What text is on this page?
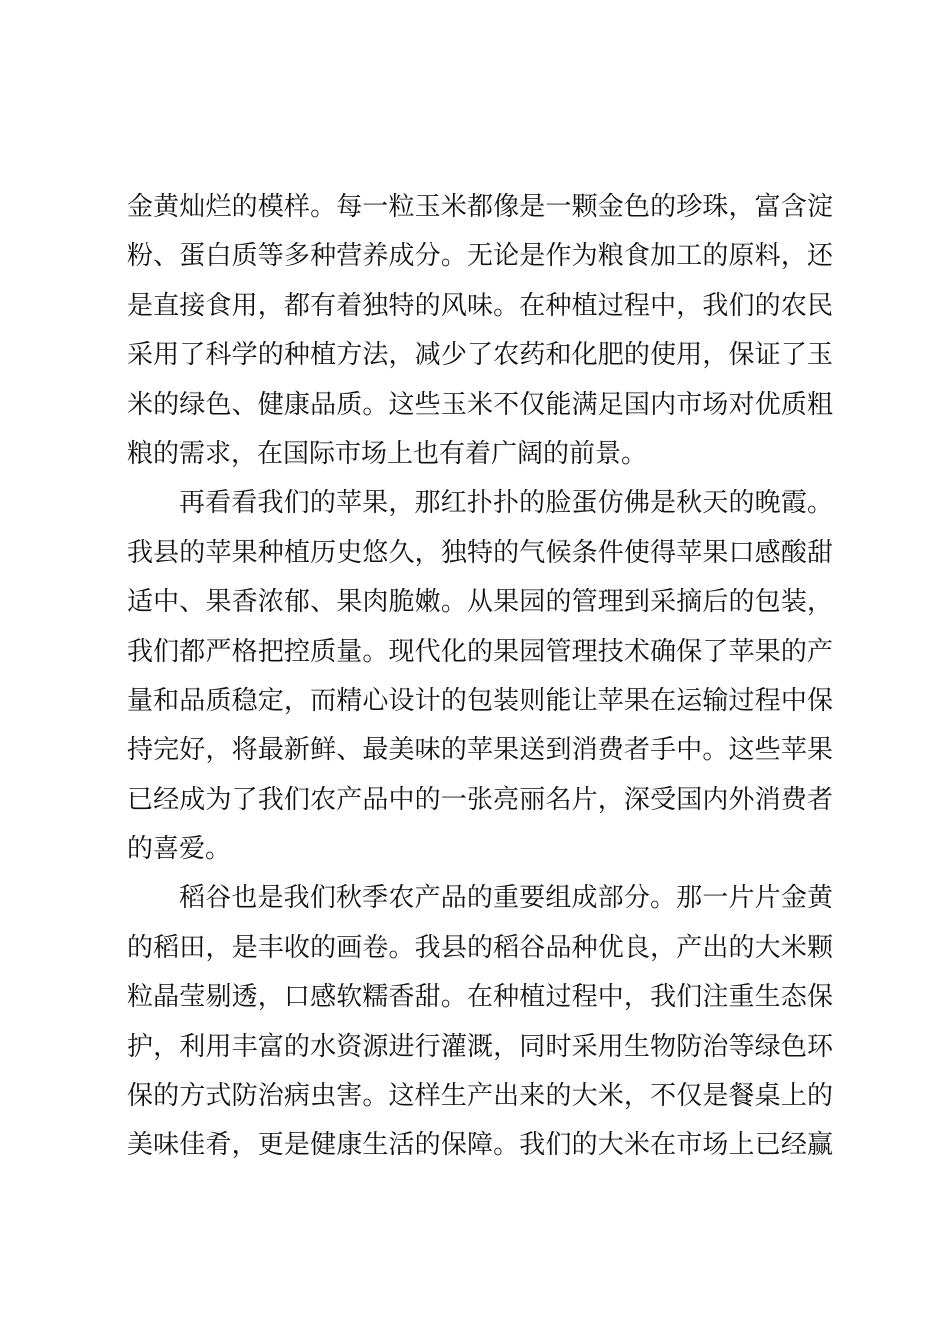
金黄灿烂的模样。每一粒玉米都像是一颗金色的珍珠，富含淀
粉、蛋白质等多种营养成分。无论是作为粮食加工的原料，还
是直接食用，都有着独特的风味。在种植过程中，我们的农民
采用了科学的种植方法，减少了农药和化肥的使用，保证了玉
米的绿色、健康品质。这些玉米不仅能满足国内市场对优质粗
粮的需求，在国际市场上也有着广阔的前景。
再看看我们的苹果，那红扑扑的脸蛋仿佛是秋天的晚霞。
我县的苹果种植历史悠久，独特的气候条件使得苹果口感酸甜
适中、果香浓郁、果肉脆嫩。从果园的管理到采摘后的包装，
我们都严格把控质量。现代化的果园管理技术确保了苹果的产
量和品质稳定，而精心设计的包装则能让苹果在运输过程中保
持完好，将最新鲜、最美味的苹果送到消费者手中。这些苹果
已经成为了我们农产品中的一张亮丽名片，深受国内外消费者
的喜爱。
稻谷也是我们秋季农产品的重要组成部分。那一片片金黄
的稻田，是丰收的画卷。我县的稻谷品种优良，产出的大米颗
粒晶莹剔透，口感软糯香甜。在种植过程中，我们注重生态保
护，利用丰富的水资源进行灌溉，同时采用生物防治等绿色环
保的方式防治病虫害。这样生产出来的大米，不仅是餐桌上的
美味佳肴，更是健康生活的保障。我们的大米在市场上已经赢
